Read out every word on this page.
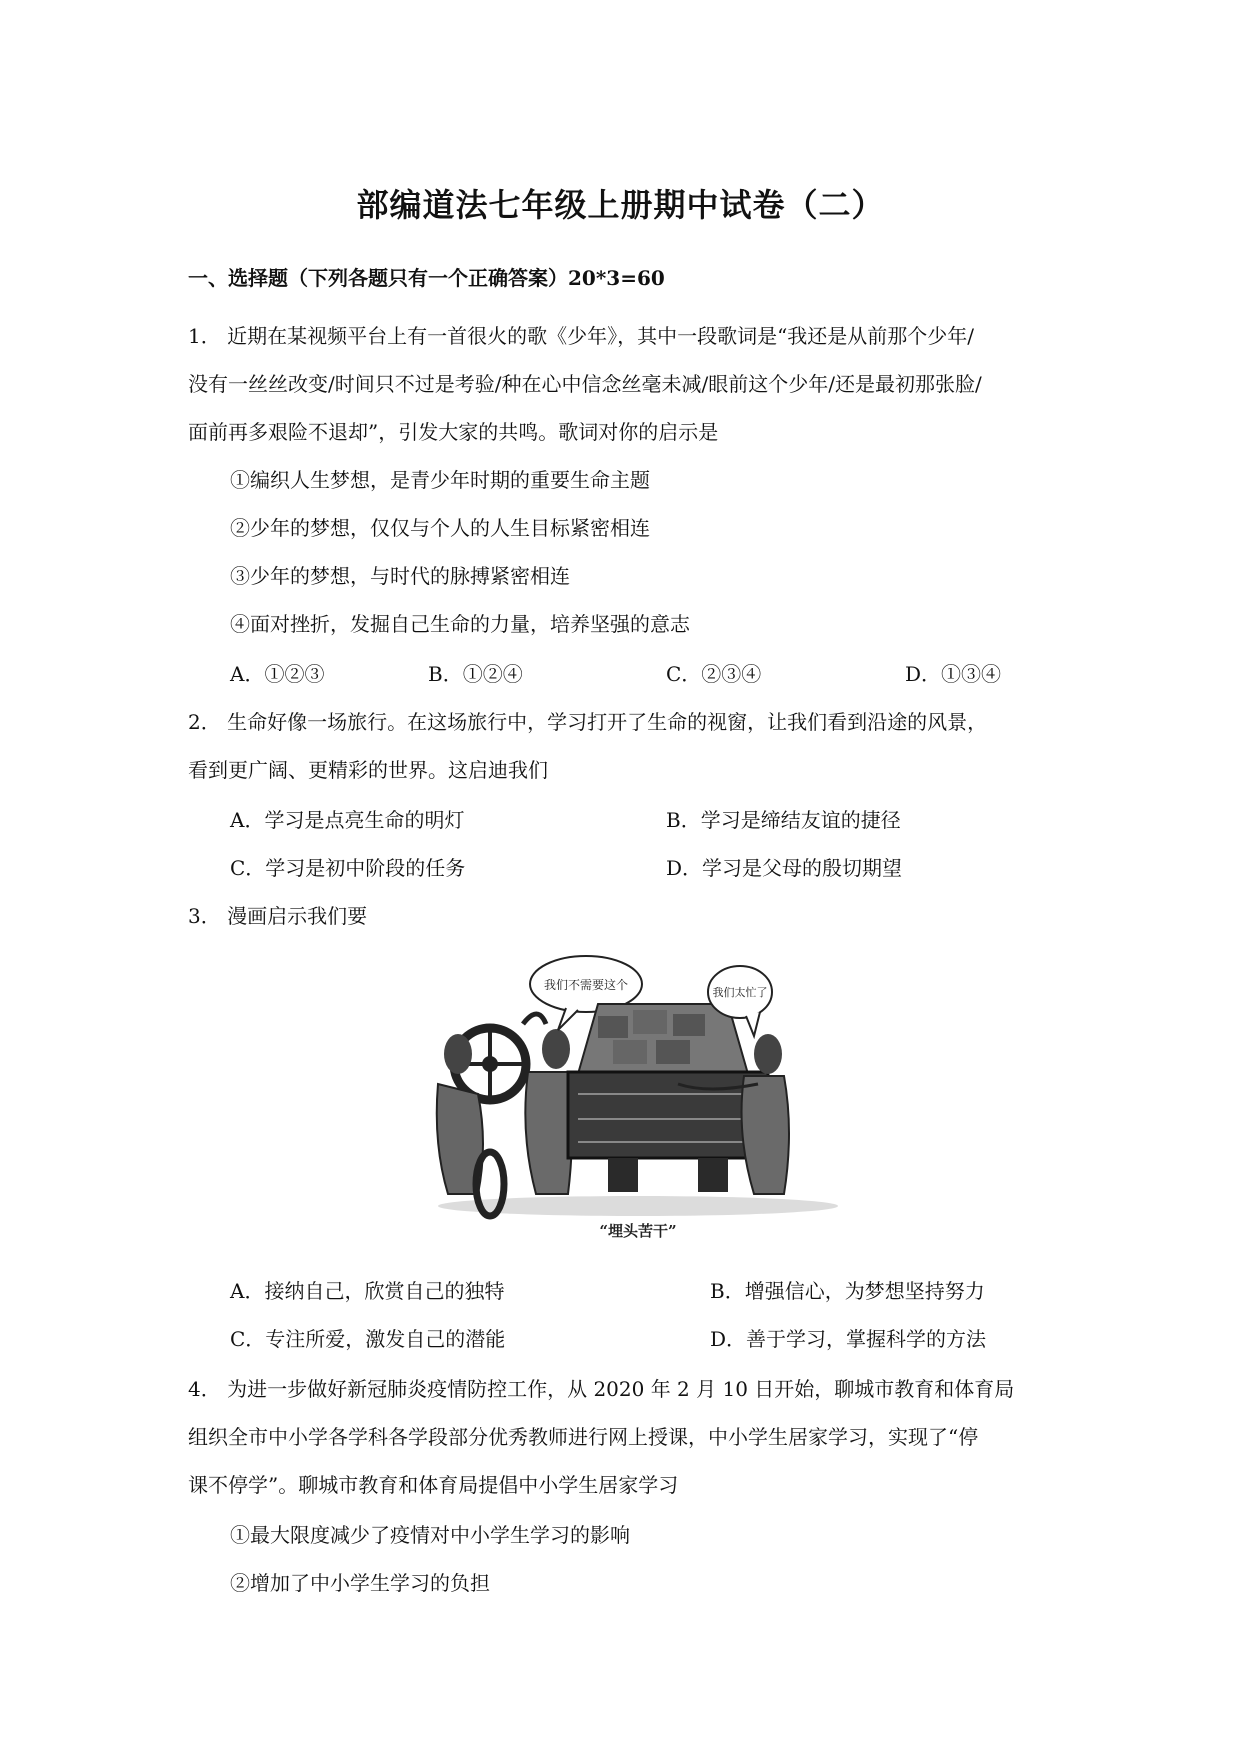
部编道法七年级上册期中试卷（二）
一、选择题（下列各题只有一个正确答案）20*3=60
1． 近期在某视频平台上有一首很火的歌《少年》，其中一段歌词是“我还是从前那个少年/
没有一丝丝改变/时间只不过是考验/种在心中信念丝毫未减/眼前这个少年/还是最初那张脸/
面前再多艰险不退却”，引发大家的共鸣。歌词对你的启示是
①编织人生梦想，是青少年时期的重要生命主题
②少年的梦想，仅仅与个人的人生目标紧密相连
③少年的梦想，与时代的脉搏紧密相连
④面对挫折，发掘自己生命的力量，培养坚强的意志
A．①②③	B．①②④	C．②③④	D．①③④
2． 生命好像一场旅行。在这场旅行中，学习打开了生命的视窗，让我们看到沿途的风景，
看到更广阔、更精彩的世界。这启迪我们
A．学习是点亮生命的明灯	B．学习是缔结友谊的捷径
C．学习是初中阶段的任务	D．学习是父母的殷切期望
3． 漫画启示我们要
我们不需要这个
我们太忙了
“埋头苦干”
A．接纳自己，欣赏自己的独特	B．增强信心，为梦想坚持努力
C．专注所爱，激发自己的潜能	D．善于学习，掌握科学的方法
4． 为进一步做好新冠肺炎疫情防控工作，从 2020 年 2 月 10 日开始，聊城市教育和体育局
组织全市中小学各学科各学段部分优秀教师进行网上授课，中小学生居家学习，实现了“停
课不停学”。聊城市教育和体育局提倡中小学生居家学习
①最大限度减少了疫情对中小学生学习的影响
②增加了中小学生学习的负担
